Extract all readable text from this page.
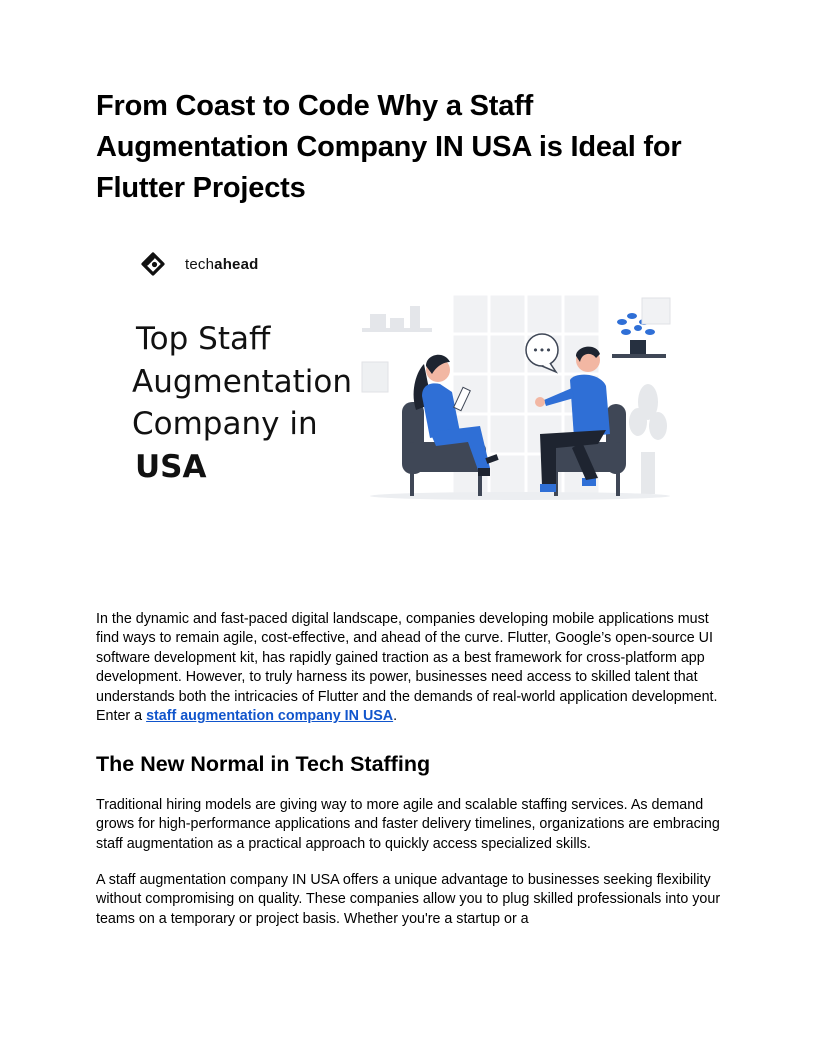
From Coast to Code Why a Staff Augmentation Company IN USA is Ideal for Flutter Projects
techahead
Top Staff
Augmentation
Company in
USA
•••

In the dynamic and fast-paced digital landscape, companies developing mobile applications must find ways to remain agile, cost-effective, and ahead of the curve. Flutter, Google’s open-source UI software development kit, has rapidly gained traction as a best framework for cross-platform app development. However, to truly harness its power, businesses need access to skilled talent that understands both the intricacies of Flutter and the demands of real-world application development. Enter a staff augmentation company IN USA.

The New Normal in Tech Staffing

Traditional hiring models are giving way to more agile and scalable staffing services. As demand grows for high-performance applications and faster delivery timelines, organizations are embracing staff augmentation as a practical approach to quickly access specialized skills.

A staff augmentation company IN USA offers a unique advantage to businesses seeking flexibility without compromising on quality. These companies allow you to plug skilled professionals into your teams on a temporary or project basis. Whether you're a startup or a
